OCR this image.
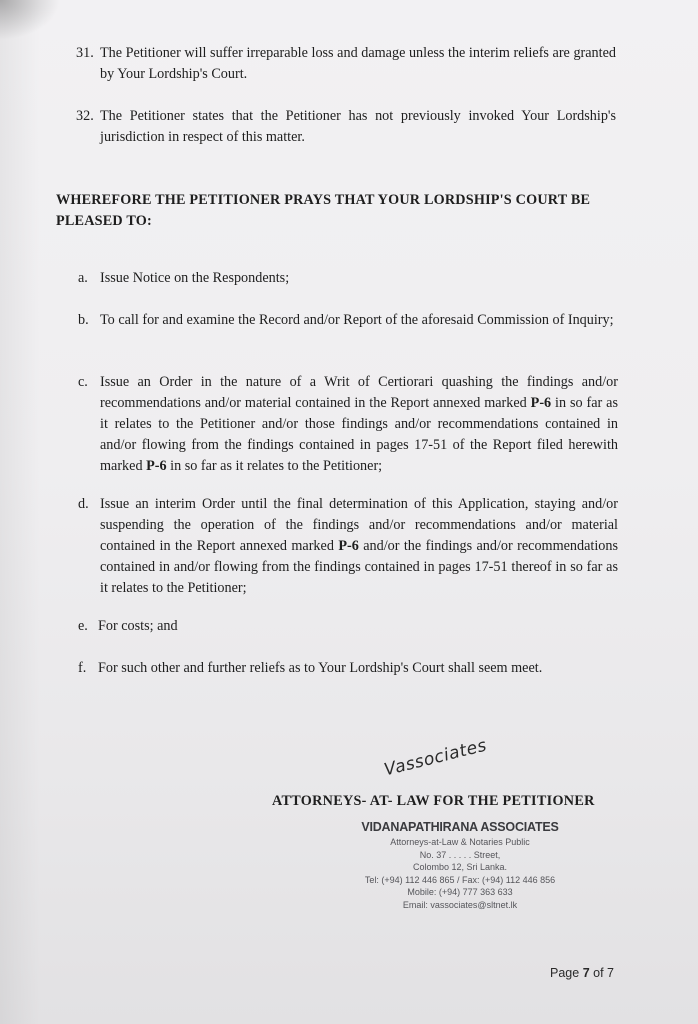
31. The Petitioner will suffer irreparable loss and damage unless the interim reliefs are granted by Your Lordship's Court.
32. The Petitioner states that the Petitioner has not previously invoked Your Lordship's jurisdiction in respect of this matter.
WHEREFORE THE PETITIONER PRAYS THAT YOUR LORDSHIP'S COURT BE PLEASED TO:
a. Issue Notice on the Respondents;
b. To call for and examine the Record and/or Report of the aforesaid Commission of Inquiry;
c. Issue an Order in the nature of a Writ of Certiorari quashing the findings and/or recommendations and/or material contained in the Report annexed marked P-6 in so far as it relates to the Petitioner and/or those findings and/or recommendations contained in and/or flowing from the findings contained in pages 17-51 of the Report filed herewith marked P-6 in so far as it relates to the Petitioner;
d. Issue an interim Order until the final determination of this Application, staying and/or suspending the operation of the findings and/or recommendations and/or material contained in the Report annexed marked P-6 and/or the findings and/or recommendations contained in and/or flowing from the findings contained in pages 17-51 thereof in so far as it relates to the Petitioner;
e. For costs; and
f. For such other and further reliefs as to Your Lordship's Court shall seem meet.
Vassociates
ATTORNEYS- AT- LAW FOR THE PETITIONER
VIDANAPATHIRANA ASSOCIATES
Attorneys-at-Law & Notaries Public
No. 37 . . . . . Street,
Colombo 12, Sri Lanka.
Tel: (+94) 112 446 865 / Fax: (+94) 112 446 856
Mobile: (+94) 777 363 633
Email: vassociates@sltnet.lk
Page 7 of 7
